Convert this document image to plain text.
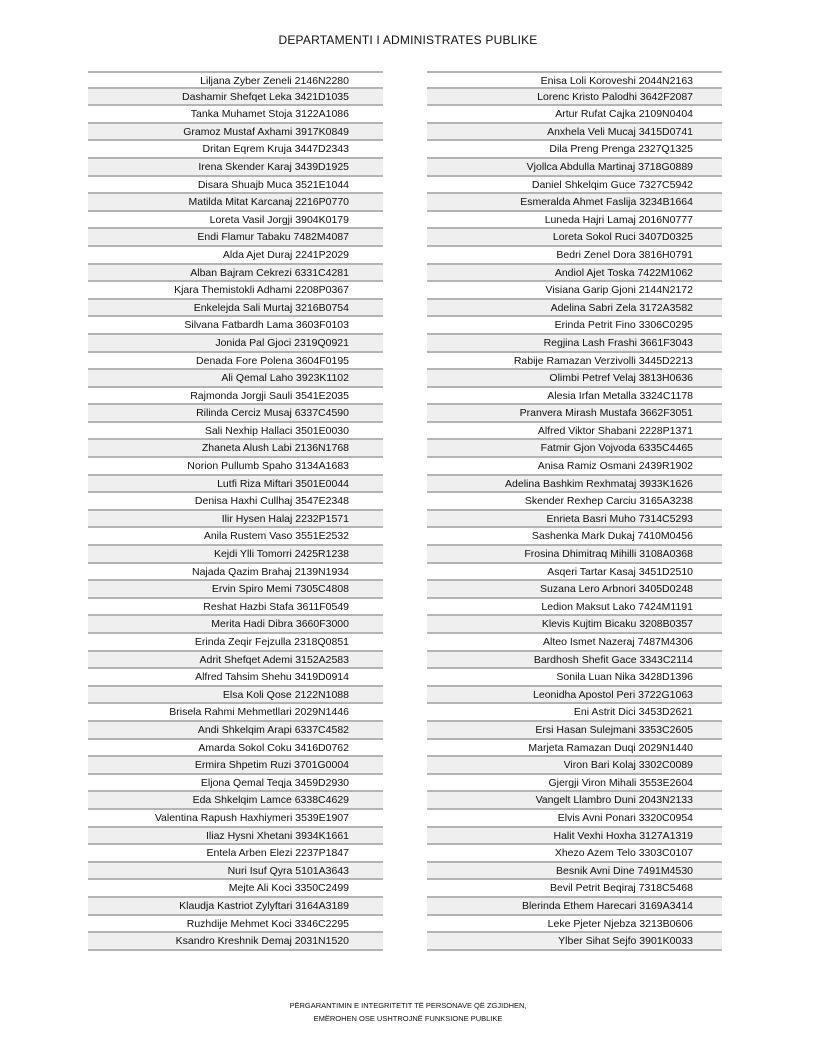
DEPARTAMENTI I ADMINISTRATES PUBLIKE
Liljana Zyber Zeneli 2146N2280
Dashamir Shefqet Leka 3421D1035
Tanka Muhamet Stoja 3122A1086
Gramoz Mustaf Axhami 3917K0849
Dritan Eqrem Kruja 3447D2343
Irena Skender Karaj 3439D1925
Disara Shuajb Muca 3521E1044
Matilda Mitat Karcanaj 2216P0770
Loreta Vasil Jorgji 3904K0179
Endi Flamur Tabaku 7482M4087
Alda Ajet Duraj 2241P2029
Alban Bajram Cekrezi 6331C4281
Kjara Themistokli Adhami 2208P0367
Enkelejda Sali Murtaj 3216B0754
Silvana Fatbardh Lama 3603F0103
Jonida Pal Gjoci 2319Q0921
Denada Fore Polena 3604F0195
Ali Qemal Laho 3923K1102
Rajmonda Jorgji Sauli 3541E2035
Rilinda Cerciz Musaj 6337C4590
Sali Nexhip Hallaci 3501E0030
Zhaneta Alush Labi 2136N1768
Norion Pullumb Spaho 3134A1683
Lutfi Riza Miftari 3501E0044
Denisa Haxhi Cullhaj 3547E2348
Ilir Hysen Halaj 2232P1571
Anila Rustem Vaso 3551E2532
Kejdi Ylli Tomorri 2425R1238
Najada Qazim Brahaj 2139N1934
Ervin Spiro Memi 7305C4808
Reshat Hazbi Stafa 3611F0549
Merita Hadi Dibra 3660F3000
Erinda Zeqir Fejzulla 2318Q0851
Adrit Shefqet Ademi 3152A2583
Alfred Tahsim Shehu 3419D0914
Elsa Koli Qose 2122N1088
Brisela Rahmi Mehmetllari 2029N1446
Andi Shkelqim Arapi 6337C4582
Amarda Sokol Coku 3416D0762
Ermira Shpetim Ruzi 3701G0004
Eljona Qemal Teqja 3459D2930
Eda Shkelqim Lamce 6338C4629
Valentina Rapush Haxhiymeri 3539E1907
Iliaz Hysni Xhetani 3934K1661
Entela Arben Elezi 2237P1847
Nuri Isuf Qyra 5101A3643
Mejte Ali Koci 3350C2499
Klaudja Kastriot Zylyftari 3164A3189
Ruzhdije Mehmet Koci 3346C2295
Ksandro Kreshnik Demaj 2031N1520
Enisa Loli Koroveshi 2044N2163
Lorenc Kristo Palodhi 3642F2087
Artur Rufat Cajka 2109N0404
Anxhela Veli Mucaj 3415D0741
Dila Preng Prenga 2327Q1325
Vjollca Abdulla Martinaj 3718G0889
Daniel Shkelqim Guce 7327C5942
Esmeralda Ahmet Faslija 3234B1664
Luneda Hajri Lamaj 2016N0777
Loreta Sokol Ruci 3407D0325
Bedri Zenel Dora 3816H0791
Andiol Ajet Toska 7422M1062
Visiana Garip Gjoni 2144N2172
Adelina Sabri Zela 3172A3582
Erinda Petrit Fino 3306C0295
Regjina Lash Frashi 3661F3043
Rabije Ramazan Verzivolli 3445D2213
Olimbi Petref Velaj 3813H0636
Alesia Irfan Metalla 3324C1178
Pranvera Mirash Mustafa 3662F3051
Alfred Viktor Shabani 2228P1371
Fatmir Gjon Vojvoda 6335C4465
Anisa Ramiz Osmani 2439R1902
Adelina Bashkim Rexhmataj 3933K1626
Skender Rexhep Carciu 3165A3238
Enrieta Basri Muho 7314C5293
Sashenka Mark Dukaj 7410M0456
Frosina Dhimitraq Mihilli 3108A0368
Asqeri Tartar Kasaj 3451D2510
Suzana Lero Arbnori 3405D0248
Ledion Maksut Lako 7424M1191
Klevis Kujtim Bicaku 3208B0357
Alteo Ismet Nazeraj 7487M4306
Bardhosh Shefit Gace 3343C2114
Sonila Luan Nika 3428D1396
Leonidha Apostol Peri 3722G1063
Eni Astrit Dici 3453D2621
Ersi Hasan Sulejmani 3353C2605
Marjeta Ramazan Duqi 2029N1440
Viron Bari Kolaj 3302C0089
Gjergji Viron Mihali 3553E2604
Vangelt Llambro Duni 2043N2133
Elvis Avni Ponari 3320C0954
Halit Vexhi Hoxha 3127A1319
Xhezo Azem Telo 3303C0107
Besnik Avni Dine 7491M4530
Bevil Petrit Beqiraj 7318C5468
Blerinda Ethem Harecari 3169A3414
Leke Pjeter Njebza 3213B0606
Ylber Sihat Sejfo 3901K0033
PËRGARANTIMIN E INTEGRITETIT TË PERSONAVE QË ZGJIDHEN,
EMËROHEN OSE USHTROJNË FUNKSIONE PUBLIKE
